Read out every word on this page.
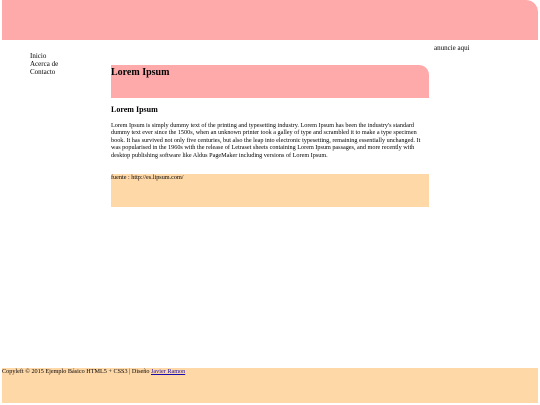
anuncie aqui
Inicio
Acerca de
Contacto	Lorem Ipsum
Lorem Ipsum

Lorem Ipsum is simply dummy text of the printing and typesetting industry. Lorem Ipsum has been the industry's standard dummy text ever since the 1500s, when an unknown printer took a galley of type and scrambled it to make a type specimen book. It has survived not only five centuries, but also the leap into electronic typesetting, remaining essentially unchanged. It was popularised in the 1960s with the release of Letraset sheets containing Lorem Ipsum passages, and more recently with desktop publishing software like Aldus PageMaker including versions of Lorem Ipsum.

fuente : http://es.lipsum.com/
Copyleft © 2015 Ejemplo Básico HTML5 + CSS3 | Diseño Javier Ramon
